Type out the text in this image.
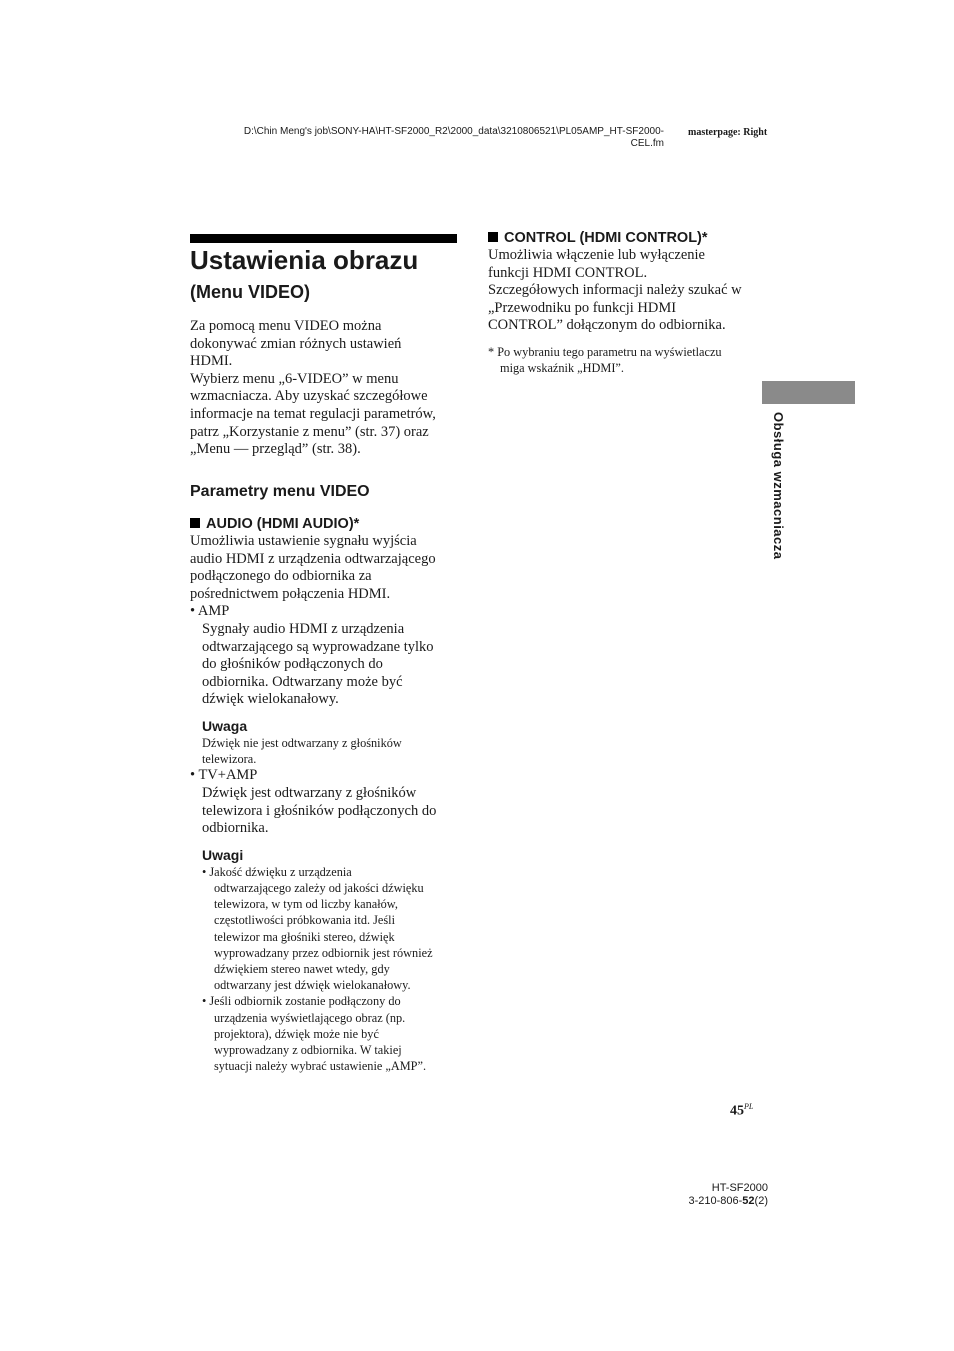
D:\Chin Meng's job\SONY-HA\HT-SF2000_R2\2000_data\3210806521\PL05AMP_HT-SF2000-
CEL.fm
masterpage: Right
Ustawienia obrazu
(Menu VIDEO)
Za pomocą menu VIDEO można
dokonywać zmian różnych ustawień
HDMI.
Wybierz menu „6-VIDEO” w menu
wzmacniacza. Aby uzyskać szczegółowe
informacje na temat regulacji parametrów,
patrz „Korzystanie z menu” (str. 37) oraz
„Menu — przegląd” (str. 38).
Parametry menu VIDEO
AUDIO (HDMI AUDIO)*
Umożliwia ustawienie sygnału wyjścia
audio HDMI z urządzenia odtwarzającego
podłączonego do odbiornika za
pośrednictwem połączenia HDMI.
• AMP
Sygnały audio HDMI z urządzenia
odtwarzającego są wyprowadzane tylko
do głośników podłączonych do
odbiornika. Odtwarzany może być
dźwięk wielokanałowy.
Uwaga
Dźwięk nie jest odtwarzany z głośników
telewizora.
• TV+AMP
Dźwięk jest odtwarzany z głośników
telewizora i głośników podłączonych do
odbiornika.
Uwagi
• Jakość dźwięku z urządzenia
odtwarzającego zależy od jakości dźwięku
telewizora, w tym od liczby kanałów,
częstotliwości próbkowania itd. Jeśli
telewizor ma głośniki stereo, dźwięk
wyprowadzany przez odbiornik jest również
dźwiękiem stereo nawet wtedy, gdy
odtwarzany jest dźwięk wielokanałowy.
• Jeśli odbiornik zostanie podłączony do
urządzenia wyświetlającego obraz (np.
projektora), dźwięk może nie być
wyprowadzany z odbiornika. W takiej
sytuacji należy wybrać ustawienie „AMP”.
CONTROL (HDMI CONTROL)*
Umożliwia włączenie lub wyłączenie
funkcji HDMI CONTROL.
Szczegółowych informacji należy szukać w
„Przewodniku po funkcji HDMI
CONTROL” dołączonym do odbiornika.
* Po wybraniu tego parametru na wyświetlaczu
miga wskaźnik „HDMI”.
Obsługa wzmacniacza
$45^{PL}$
HT-SF2000
3-210-806-52(2)
